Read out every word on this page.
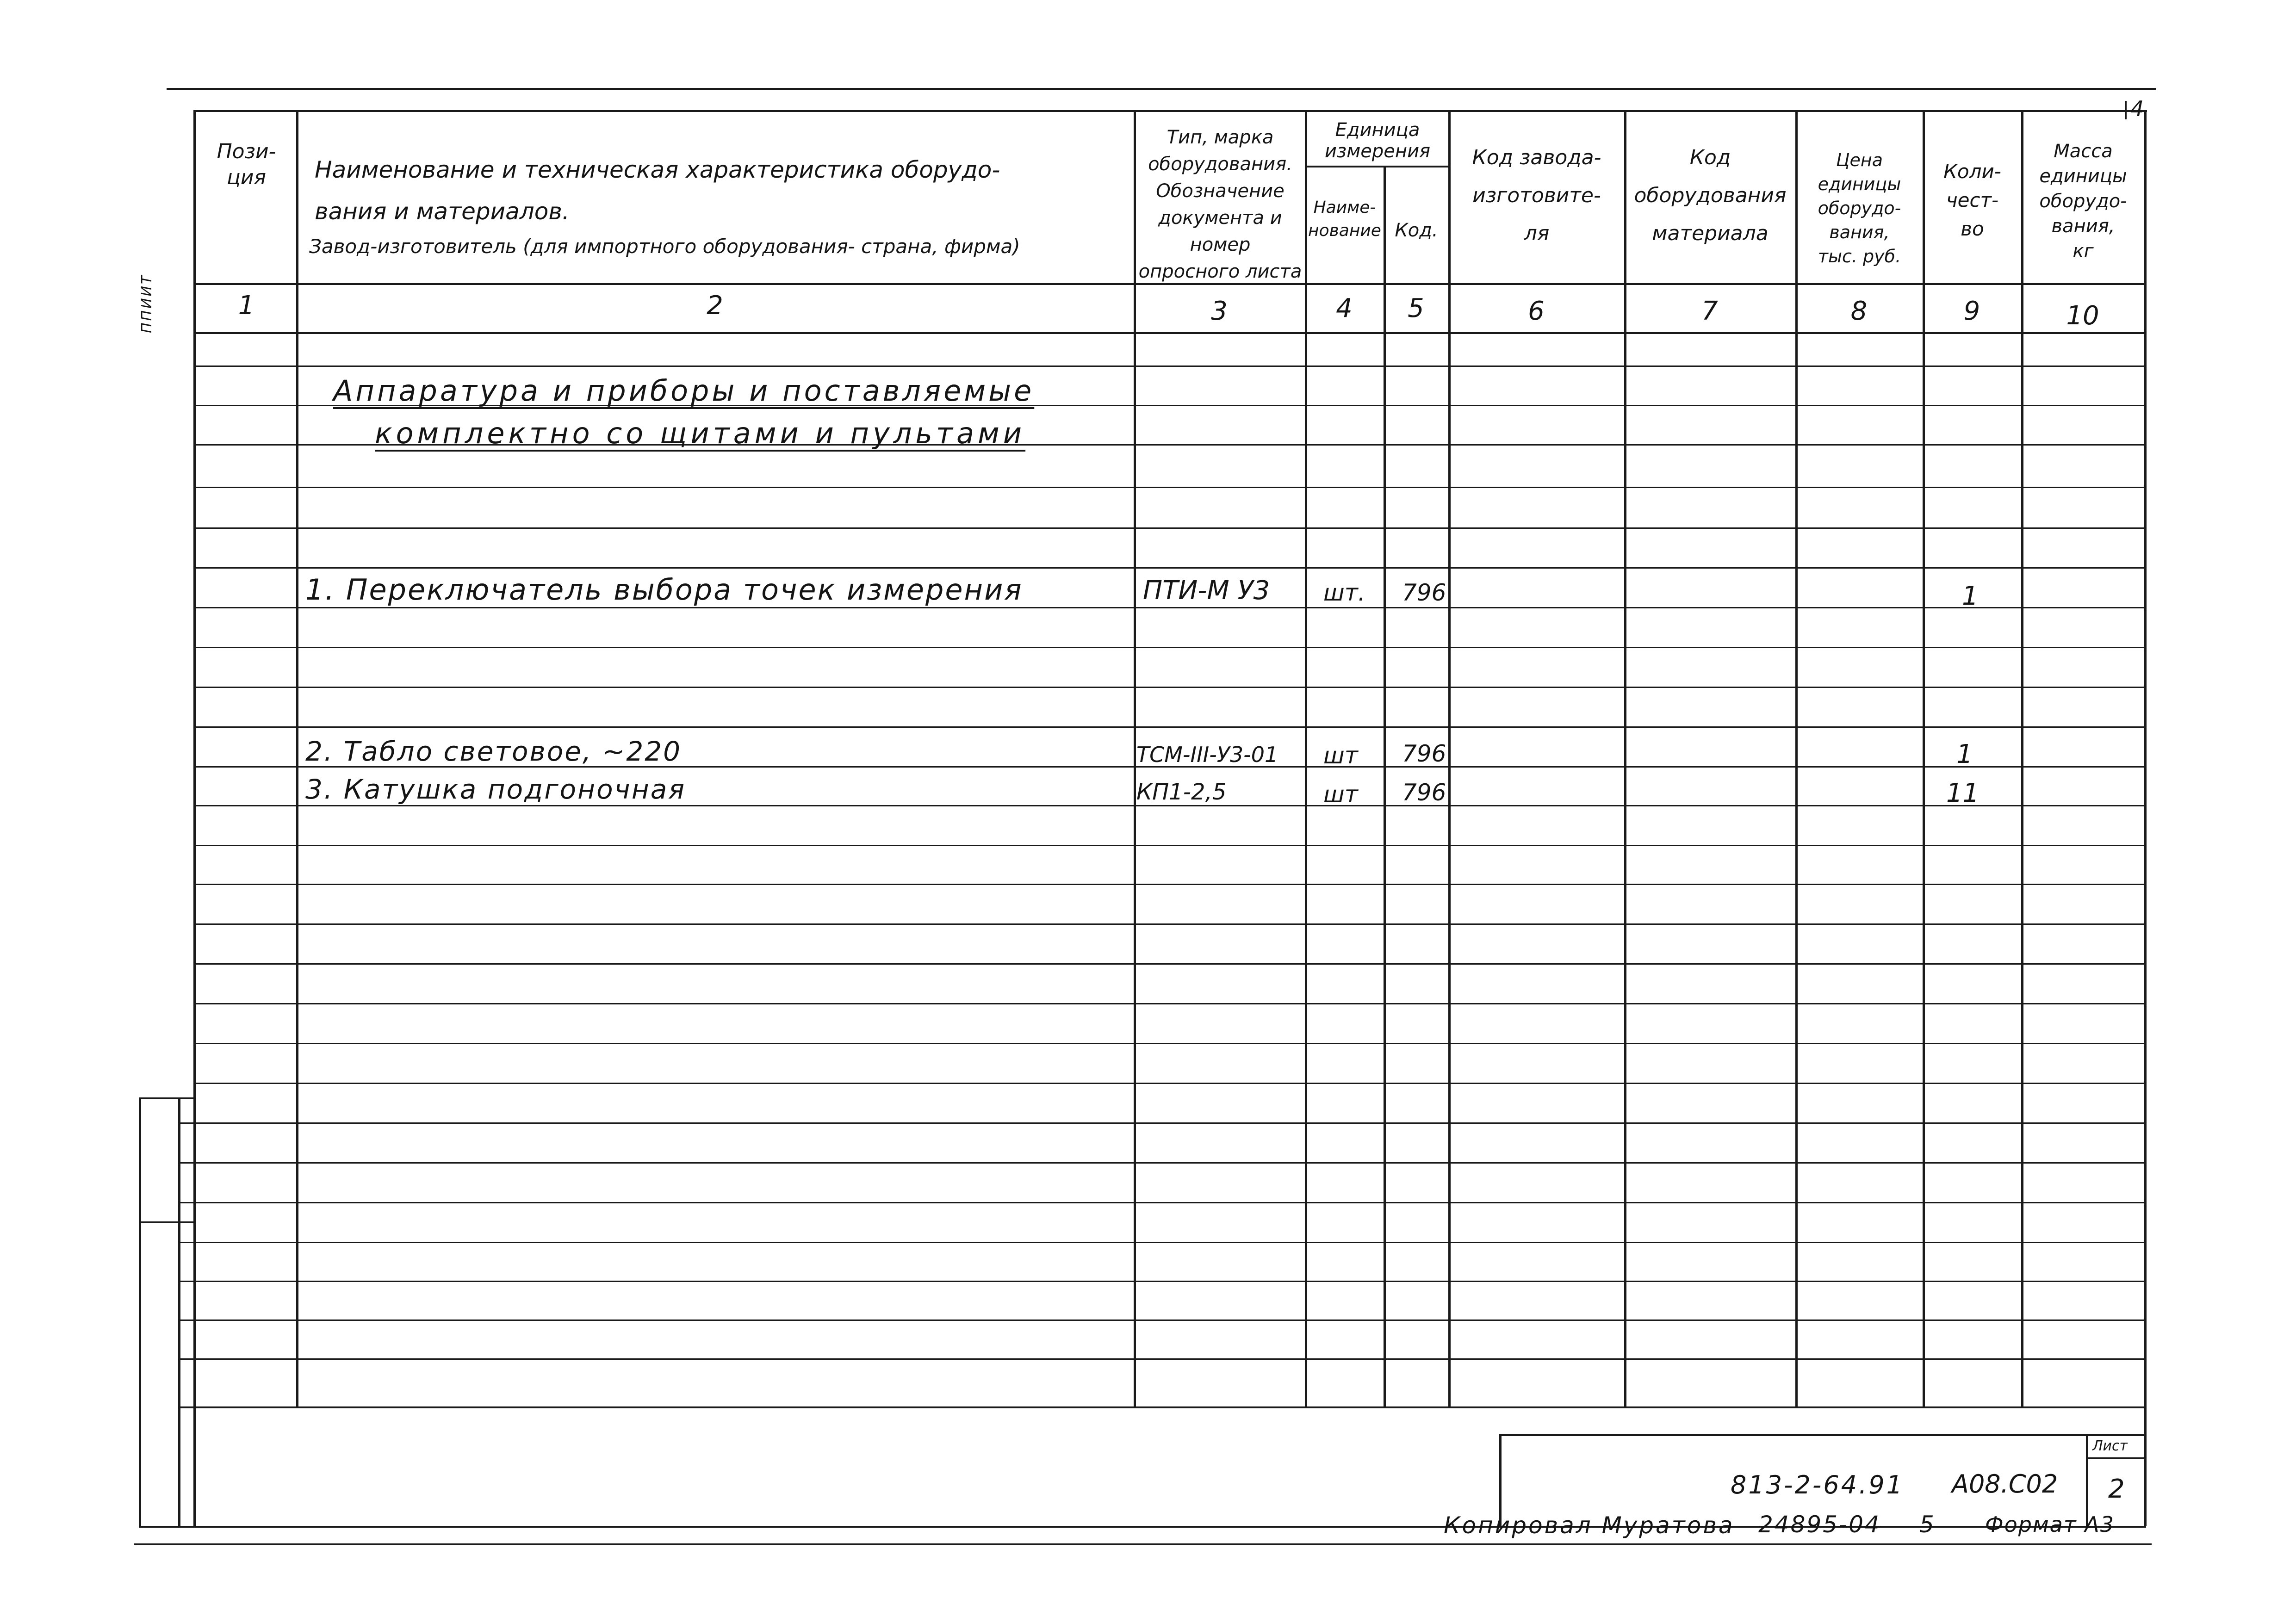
4
ППИИТ
Пози-
ция	Наименование и техническая характеристика оборудо-
вания и материалов.
Завод-изготовитель (для импортного оборудования- страна, фирма)
Тип, марка
оборудования.
Обозначение
документа и номер
опросного листа
Единица
измерения
Наиме-
нование Код.
Код завода-
изготовите-
ля
Код
оборудования
материала
Цена
единицы
оборудо-
вания,
тыс. руб.
Коли-
чест-
во
Масса
единицы
оборудо-
вания,
кг
1	2	3	4	5	6	7	8	9	10
Аппаратура и приборы и поставляемые
комплектно со щитами и пультами
1. Переключатель выбора точек измерения	ПТИ-М У3 шт. 796	1
2. Табло световое, ~220	ТСМ-III-У3-01 шт 796	1
3. Катушка подгоночная	КП1-2,5	шт 796	11
813-2-64.91 А08.С02
Лист
2
Копировал Муратова 24895-04 5 Формат А3
